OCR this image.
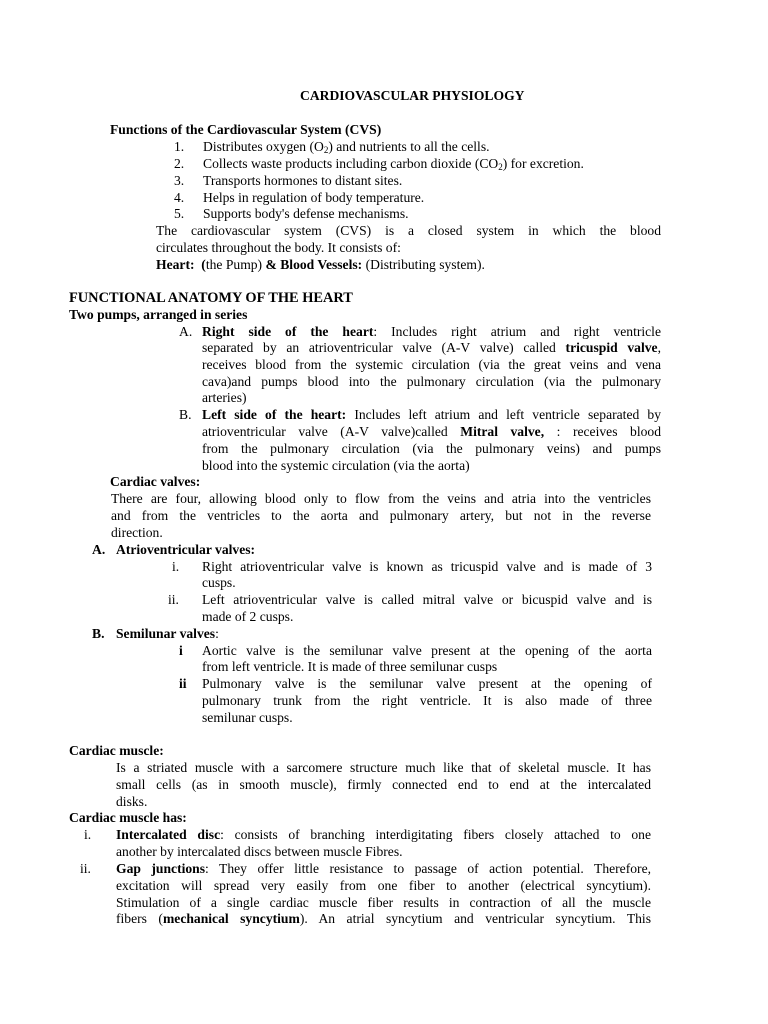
CARDIOVASCULAR PHYSIOLOGY
Functions of the Cardiovascular System (CVS)
1. Distributes oxygen $(O_2)$ and nutrients to all the cells.
2. Collects waste products including carbon dioxide $(CO_2)$ for excretion.
3. Transports hormones to distant sites.
4. Helps in regulation of body temperature.
5. Supports body's defense mechanisms.
The cardiovascular system (CVS) is a closed system in which the blood
circulates throughout the body. It consists of:
Heart: (the Pump) & Blood Vessels: (Distributing system).
FUNCTIONAL ANATOMY OF THE HEART
Two pumps, arranged in series
A. Right side of the heart: Includes right atrium and right ventricle
separated by an atrioventricular valve (A-V valve) called tricuspid valve,
receives blood from the systemic circulation (via the great veins and vena
cava)and pumps blood into the pulmonary circulation (via the pulmonary
arteries)
B. Left side of the heart: Includes left atrium and left ventricle separated by
atrioventricular valve (A-V valve)called Mitral valve, : receives blood
from the pulmonary circulation (via the pulmonary veins) and pumps
blood into the systemic circulation (via the aorta)
Cardiac valves:
There are four, allowing blood only to flow from the veins and atria into the ventricles
and from the ventricles to the aorta and pulmonary artery, but not in the reverse
direction.
A. Atrioventricular valves:
i. Right atrioventricular valve is known as tricuspid valve and is made of 3
cusps.
ii. Left atrioventricular valve is called mitral valve or bicuspid valve and is
made of 2 cusps.
B. Semilunar valves:
i Aortic valve is the semilunar valve present at the opening of the aorta
from left ventricle. It is made of three semilunar cusps
ii Pulmonary valve is the semilunar valve present at the opening of
pulmonary trunk from the right ventricle. It is also made of three
semilunar cusps.
Cardiac muscle:
Is a striated muscle with a sarcomere structure much like that of skeletal muscle. It has
small cells (as in smooth muscle), firmly connected end to end at the intercalated
disks.
Cardiac muscle has:
i. Intercalated disc: consists of branching interdigitating fibers closely attached to one
another by intercalated discs between muscle Fibres.
ii. Gap junctions: They offer little resistance to passage of action potential. Therefore,
excitation will spread very easily from one fiber to another (electrical syncytium).
Stimulation of a single cardiac muscle fiber results in contraction of all the muscle
fibers (mechanical syncytium). An atrial syncytium and ventricular syncytium. This
